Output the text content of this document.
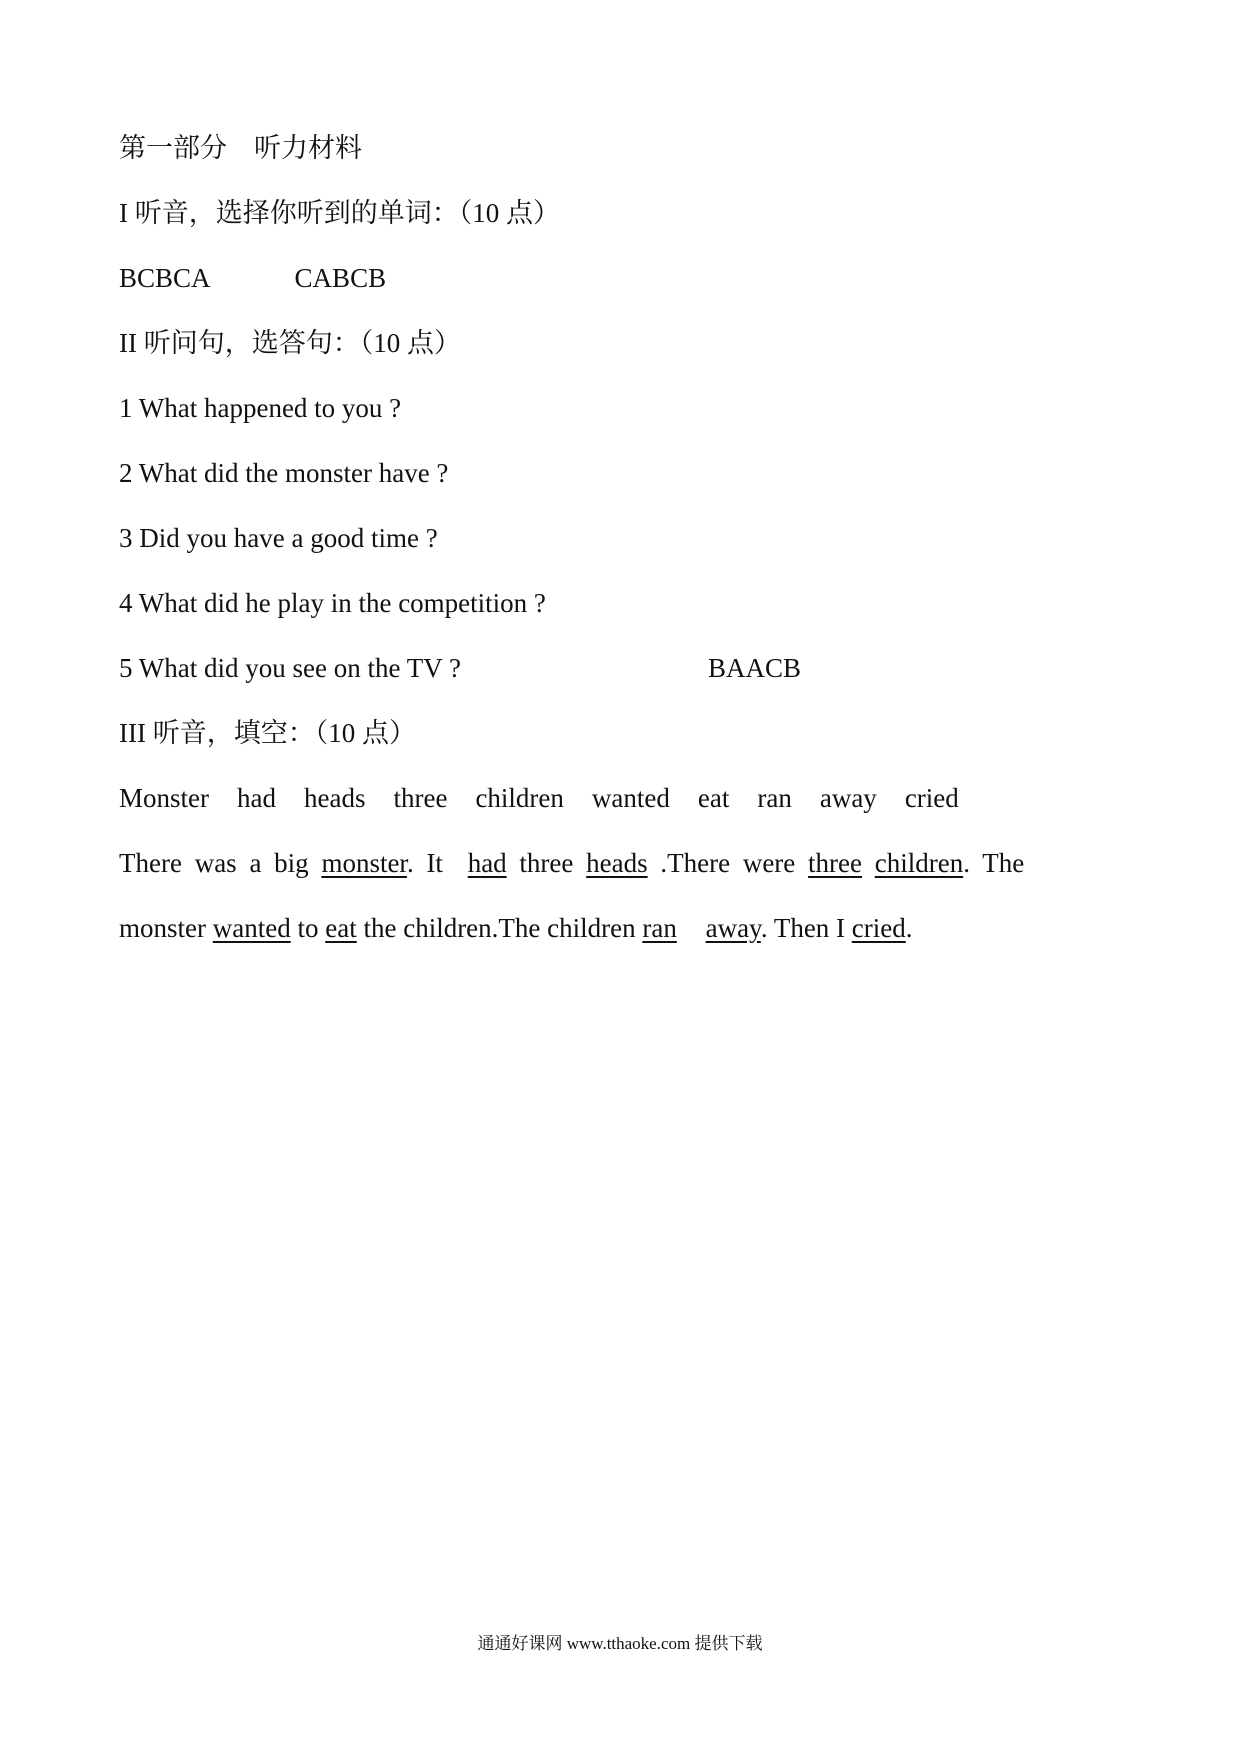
第一部分　听力材料
I 听音，选择你听到的单词：（10 点）
BCBCA	CABCB
II 听问句，选答句：（10 点）
1 What happened to you ?
2 What did the monster have ?
3 Did you have a good time ?
4 What did he play in the competition ?
5 What did you see on the TV ?	BAACB
III 听音，填空：（10 点）
Monster had heads three children wanted eat ran away cried
There was a big monster. It had three heads .There were three children. The
monster wanted to eat the children.The children ran away. Then I cried.
通通好课网 www.tthaoke.com 提供下载
